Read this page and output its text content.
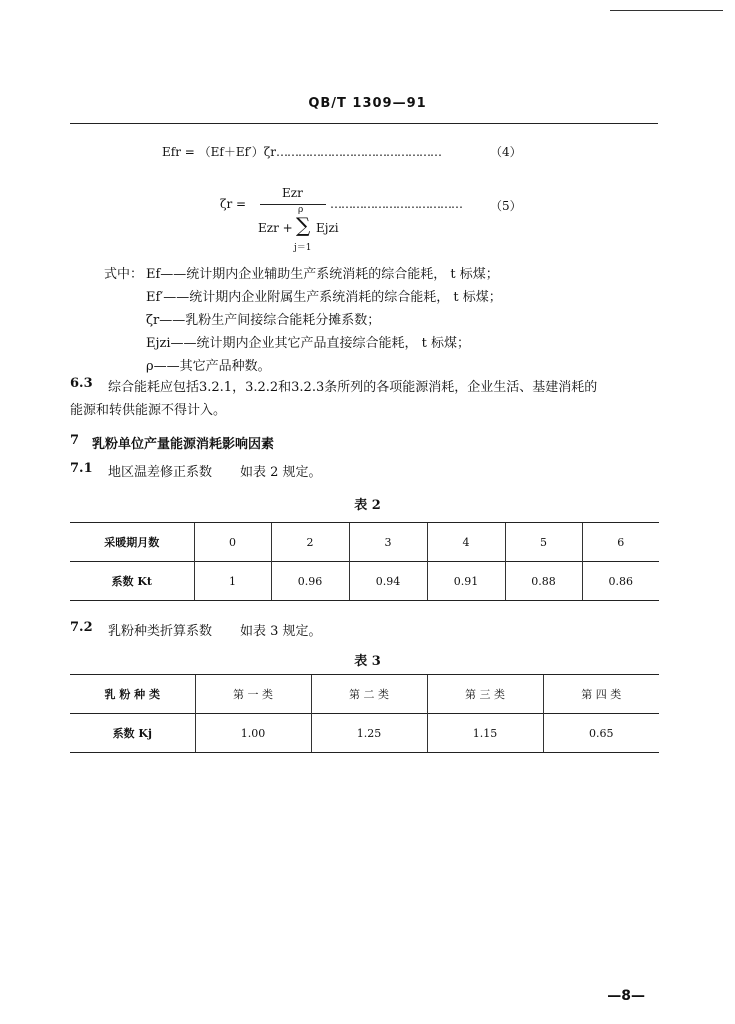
QB/T 1309—91
Efr = （Ef＋Ef′）ζr………………………………………	（4）
ζr =
Ezr
ρ
Ezr + ∑ Ejzi
j＝1
……………………………… （5）
式中： Ef——统计期内企业辅助生产系统消耗的综合能耗， t 标煤；
Ef′——统计期内企业附属生产系统消耗的综合能耗， t 标煤；
ζr——乳粉生产间接综合能耗分摊系数；
Ejzi——统计期内企业其它产品直接综合能耗， t 标煤；
ρ——其它产品种数。
6.3 综合能耗应包括3.2.1，3.2.2和3.2.3条所列的各项能源消耗，企业生活、基建消耗的
能源和转供能源不得计入。
7 乳粉单位产量能源消耗影响因素
7.1 地区温差修正系数 如表 2 规定。
表 2
采暖期月数	0	2	3	4	5	6
系数 Kt	1	0.96	0.94	0.91	0.88	0.86
7.2 乳粉种类折算系数 如表 3 规定。
表 3
乳 粉 种 类	第 一 类	第 二 类	第 三 类	第 四 类
系数 Kj	1.00	1.25	1.15	0.65
—8—
